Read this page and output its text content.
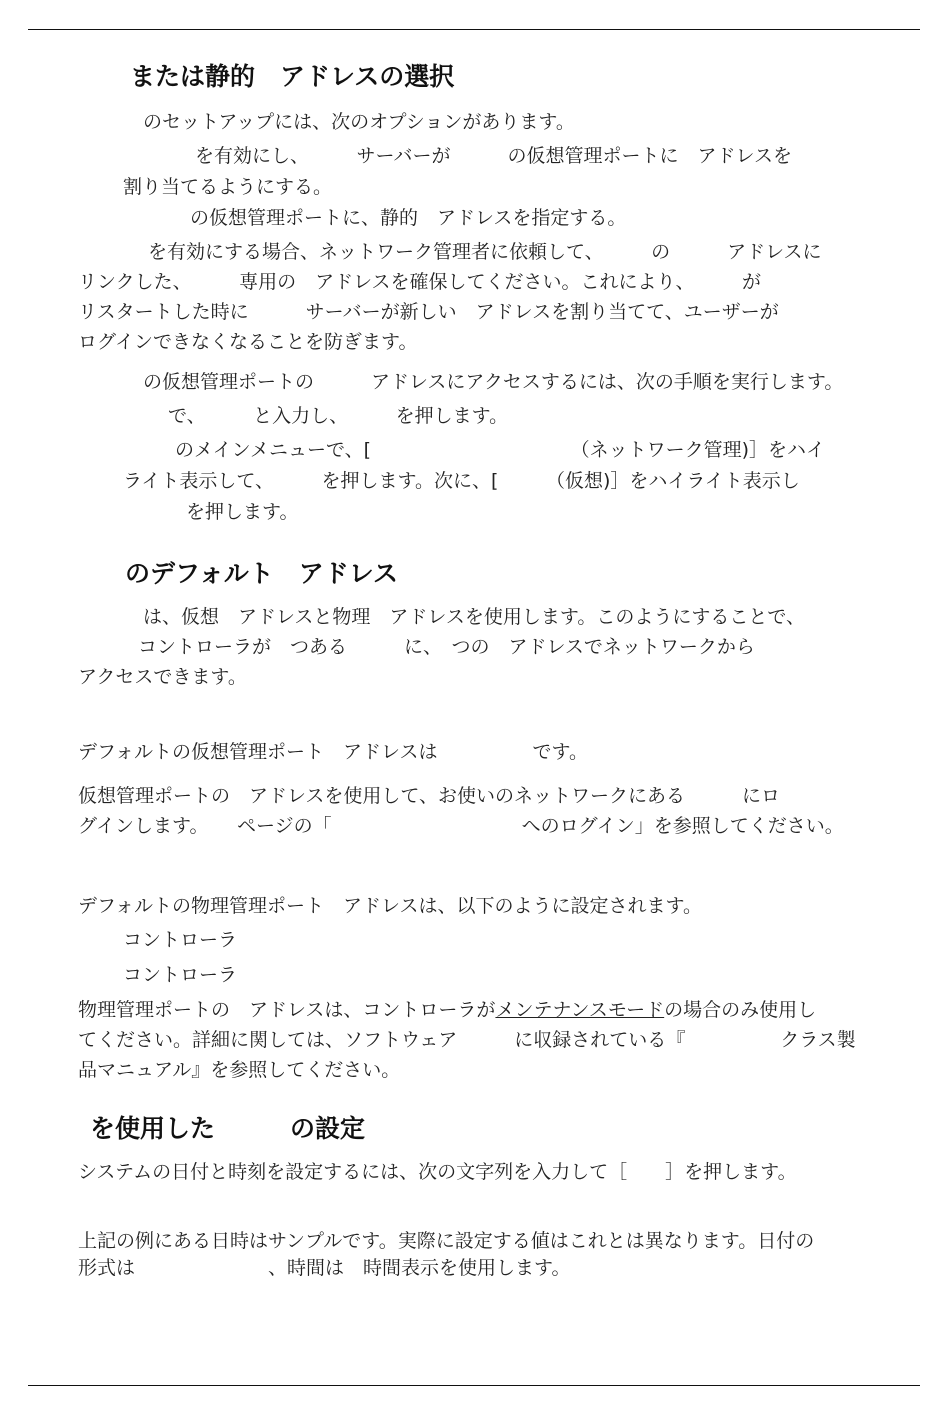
または静的　アドレスの選択
のセットアップには、次のオプションがあります。
を有効にし、　　　サーバーが　　　の仮想管理ポートに　アドレスを
割り当てるようにする。
の仮想管理ポートに、静的　アドレスを指定する。
を有効にする場合、ネットワーク管理者に依頼して、　　　の　　　アドレスに
リンクした、　　　専用の　アドレスを確保してください。これにより、　　　が
リスタートした時に　　　サーバーが新しい　アドレスを割り当てて、ユーザーが
ログインできなくなることを防ぎます。
の仮想管理ポートの　　　アドレスにアクセスするには、次の手順を実行します。
で、　　　と入力し、　　　を押します。
のメインメニューで、[　　　　　　　　　　　（ネットワーク管理)］をハイ
ライト表示して、　　　を押します。次に、[　　　（仮想)］をハイライト表示し
を押します。
のデフォルト　アドレス
は、仮想　アドレスと物理　アドレスを使用します。このようにすることで、
コントローラが　つある　　　に、　つの　アドレスでネットワークから
アクセスできます。
デフォルトの仮想管理ポート　アドレスは　　　　　です。
仮想管理ポートの　アドレスを使用して、お使いのネットワークにある　　　にロ
グインします。　　ページの「　　　　　　　　　　へのログイン」を参照してください。
デフォルトの物理管理ポート　アドレスは、以下のように設定されます。
コントローラ
コントローラ
物理管理ポートの　アドレスは、コントローラがメンテナンスモードの場合のみ使用し
てください。詳細に関しては、ソフトウェア　　　に収録されている『　　　　　クラス製
品マニュアル』を参照してください。
を使用した　　　の設定
システムの日付と時刻を設定するには、次の文字列を入力して［　　］を押します。
上記の例にある日時はサンプルです。実際に設定する値はこれとは異なります。日付の
形式は　　　　　　　、時間は　時間表示を使用します。
